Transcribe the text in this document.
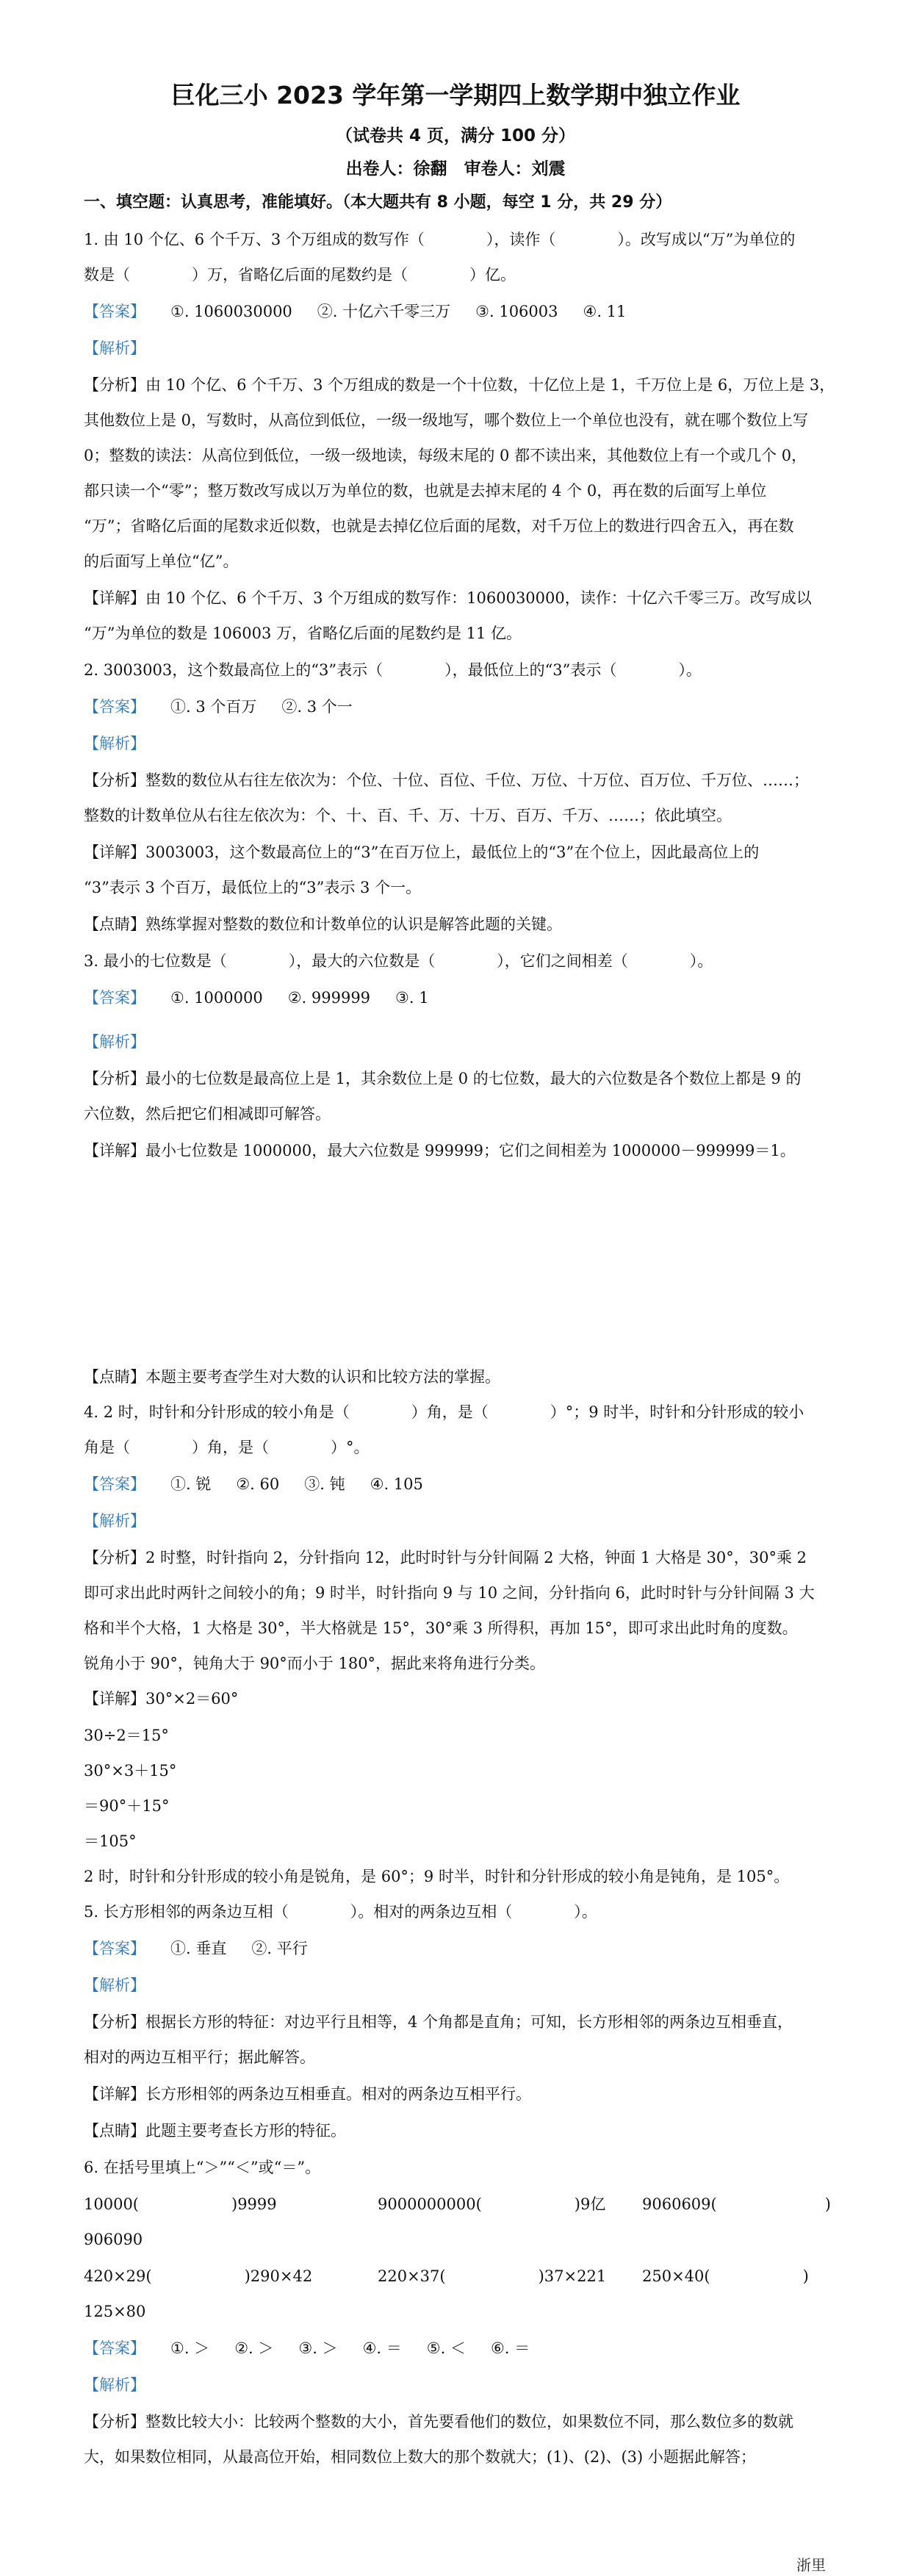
巨化三小 2023 学年第一学期四上数学期中独立作业
（试卷共 4 页，满分 100 分）
出卷人：徐翻　审卷人：刘震
一、填空题：认真思考，准能填好。（本大题共有 8 小题，每空 1 分，共 29 分）
1. 由 10 个亿、6 个千万、3 个万组成的数写作（　　　　），读作（　　　　）。改写成以“万”为单位的
数是（　　　　）万，省略亿后面的尾数约是（　　　　）亿。
【答案】 ①. 1060030000 ②. 十亿六千零三万 ③. 106003 ④. 11
【解析】
【分析】由 10 个亿、6 个千万、3 个万组成的数是一个十位数，十亿位上是 1，千万位上是 6，万位上是 3，
其他数位上是 0，写数时，从高位到低位，一级一级地写，哪个数位上一个单位也没有，就在哪个数位上写
0；整数的读法：从高位到低位，一级一级地读，每级末尾的 0 都不读出来，其他数位上有一个或几个 0，
都只读一个“零”；整万数改写成以万为单位的数，也就是去掉末尾的 4 个 0，再在数的后面写上单位
“万”；省略亿后面的尾数求近似数，也就是去掉亿位后面的尾数，对千万位上的数进行四舍五入，再在数
的后面写上单位“亿”。
【详解】由 10 个亿、6 个千万、3 个万组成的数写作：1060030000，读作：十亿六千零三万。改写成以
“万”为单位的数是 106003 万，省略亿后面的尾数约是 11 亿。
2. 3003003，这个数最高位上的“3”表示（　　　　），最低位上的“3”表示（　　　　）。
【答案】 ①. 3 个百万 ②. 3 个一
【解析】
【分析】整数的数位从右往左依次为：个位、十位、百位、千位、万位、十万位、百万位、千万位、……；
整数的计数单位从右往左依次为：个、十、百、千、万、十万、百万、千万、……；依此填空。
【详解】3003003，这个数最高位上的“3”在百万位上，最低位上的“3”在个位上，因此最高位上的
“3”表示 3 个百万，最低位上的“3”表示 3 个一。
【点睛】熟练掌握对整数的数位和计数单位的认识是解答此题的关键。
3. 最小的七位数是（　　　　），最大的六位数是（　　　　），它们之间相差（　　　　）。
【答案】 ①. 1000000 ②. 999999 ③. 1
【解析】
【分析】最小的七位数是最高位上是 1，其余数位上是 0 的七位数，最大的六位数是各个数位上都是 9 的
六位数，然后把它们相减即可解答。
【详解】最小七位数是 1000000，最大六位数是 999999；它们之间相差为 1000000－999999＝1。
【点睛】本题主要考查学生对大数的认识和比较方法的掌握。
4. 2 时，时针和分针形成的较小角是（　　　　）角，是（　　　　）°；9 时半，时针和分针形成的较小
角是（　　　　）角，是（　　　　）°。
【答案】 ①. 锐 ②. 60 ③. 钝 ④. 105
【解析】
【分析】2 时整，时针指向 2，分针指向 12，此时时针与分针间隔 2 大格，钟面 1 大格是 30°，30°乘 2
即可求出此时两针之间较小的角；9 时半，时针指向 9 与 10 之间，分针指向 6，此时时针与分针间隔 3 大
格和半个大格，1 大格是 30°，半大格就是 15°，30°乘 3 所得积，再加 15°，即可求出此时角的度数。
锐角小于 90°，钝角大于 90°而小于 180°，据此来将角进行分类。
【详解】30°×2＝60°
30÷2＝15°
30°×3＋15°
＝90°＋15°
＝105°
2 时，时针和分针形成的较小角是锐角，是 60°；9 时半，时针和分针形成的较小角是钝角，是 105°。
5. 长方形相邻的两条边互相（　　　　）。相对的两条边互相（　　　　）。
【答案】 ①. 垂直 ②. 平行
【解析】
【分析】根据长方形的特征：对边平行且相等，4 个角都是直角；可知，长方形相邻的两条边互相垂直，
相对的两边互相平行；据此解答。
【详解】长方形相邻的两条边互相垂直。相对的两条边互相平行。
【点睛】此题主要考查长方形的特征。
6. 在括号里填上“＞”“＜”或“＝”。
10000(　　　　　　)9999	9000000000(　　　　　　)9亿 9060609(　　　　　　　)
906090
420×29(　　　　　　)290×42	220×37(　　　　　　)37×221 250×40(　　　　　　)
125×80
【答案】 ①. ＞ ②. ＞ ③. ＞ ④. ＝ ⑤. ＜ ⑥. ＝
【解析】
【分析】整数比较大小：比较两个整数的大小，首先要看他们的数位，如果数位不同，那么数位多的数就
大，如果数位相同，从最高位开始，相同数位上数大的那个数就大；(1)、(2)、(3) 小题据此解答；
浙里
